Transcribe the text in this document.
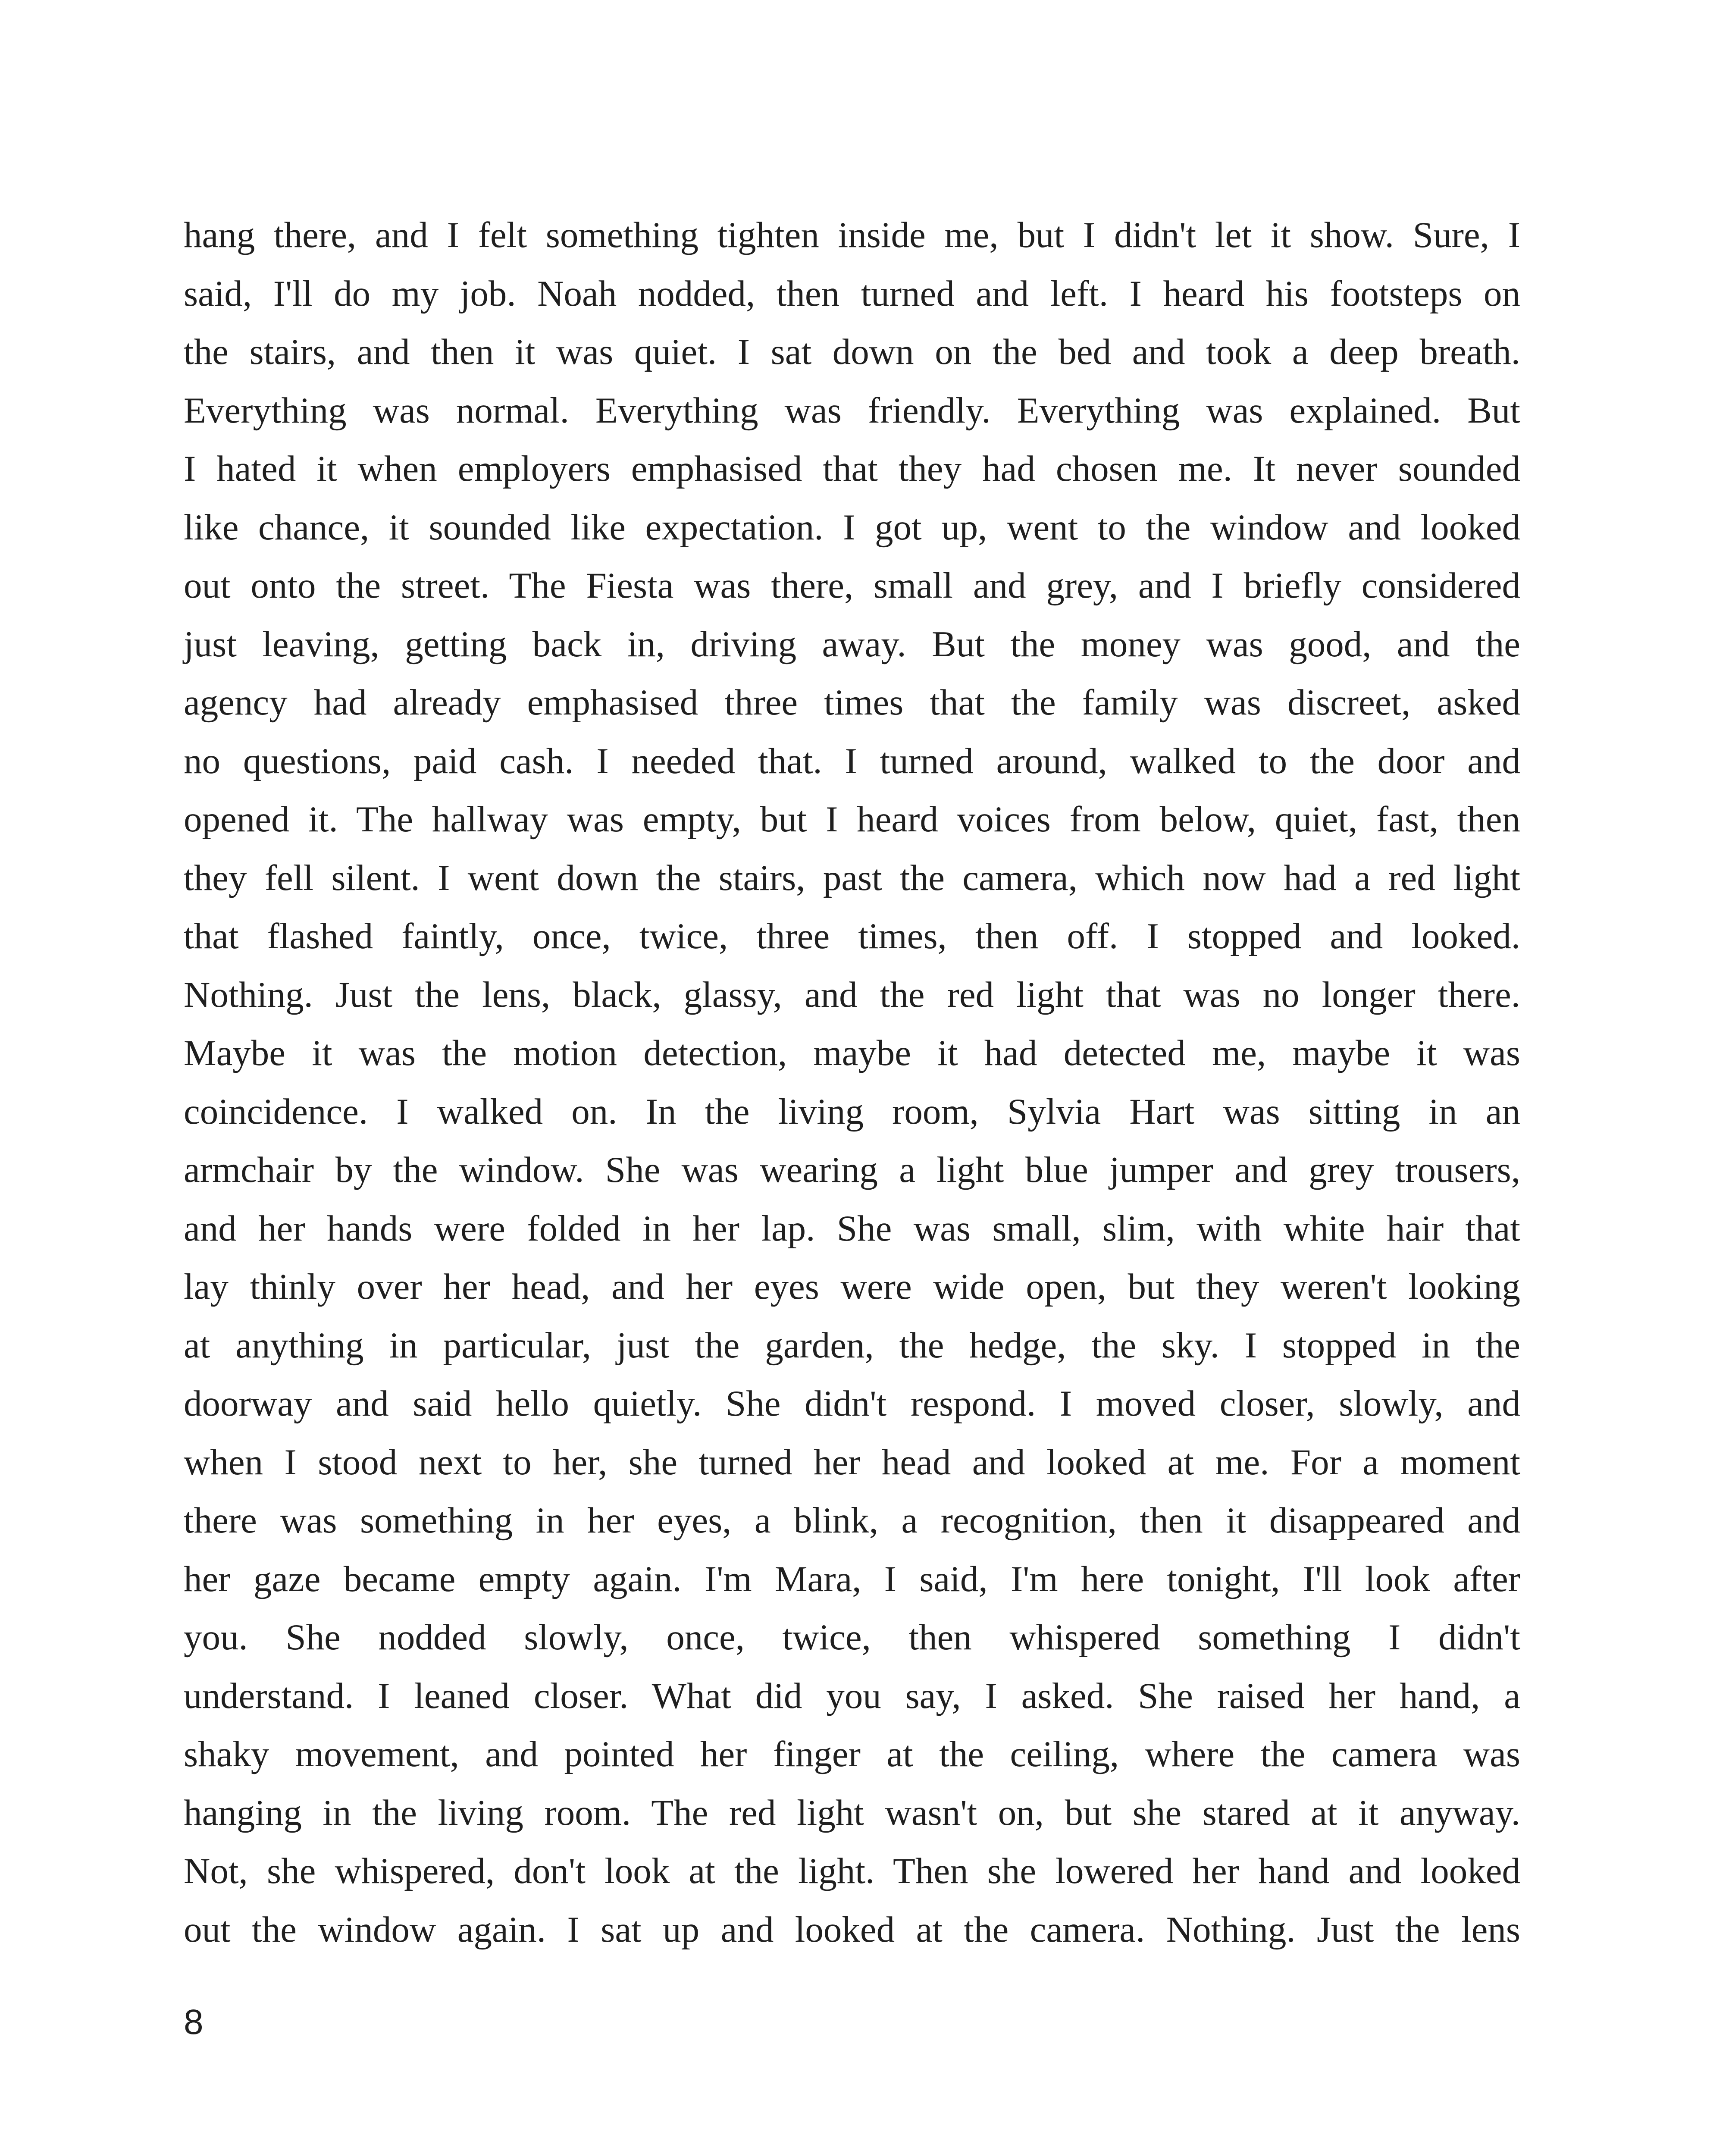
hang there, and I felt something tighten inside me, but I didn't let it show. Sure, I
said, I'll do my job. Noah nodded, then turned and left. I heard his footsteps on
the stairs, and then it was quiet. I sat down on the bed and took a deep breath.
Everything was normal. Everything was friendly. Everything was explained. But
I hated it when employers emphasised that they had chosen me. It never sounded
like chance, it sounded like expectation. I got up, went to the window and looked
out onto the street. The Fiesta was there, small and grey, and I briefly considered
just leaving, getting back in, driving away. But the money was good, and the
agency had already emphasised three times that the family was discreet, asked
no questions, paid cash. I needed that. I turned around, walked to the door and
opened it. The hallway was empty, but I heard voices from below, quiet, fast, then
they fell silent. I went down the stairs, past the camera, which now had a red light
that flashed faintly, once, twice, three times, then off. I stopped and looked.
Nothing. Just the lens, black, glassy, and the red light that was no longer there.
Maybe it was the motion detection, maybe it had detected me, maybe it was
coincidence. I walked on. In the living room, Sylvia Hart was sitting in an
armchair by the window. She was wearing a light blue jumper and grey trousers,
and her hands were folded in her lap. She was small, slim, with white hair that
lay thinly over her head, and her eyes were wide open, but they weren't looking
at anything in particular, just the garden, the hedge, the sky. I stopped in the
doorway and said hello quietly. She didn't respond. I moved closer, slowly, and
when I stood next to her, she turned her head and looked at me. For a moment
there was something in her eyes, a blink, a recognition, then it disappeared and
her gaze became empty again. I'm Mara, I said, I'm here tonight, I'll look after
you. She nodded slowly, once, twice, then whispered something I didn't
understand. I leaned closer. What did you say, I asked. She raised her hand, a
shaky movement, and pointed her finger at the ceiling, where the camera was
hanging in the living room. The red light wasn't on, but she stared at it anyway.
Not, she whispered, don't look at the light. Then she lowered her hand and looked
out the window again. I sat up and looked at the camera. Nothing. Just the lens

8
